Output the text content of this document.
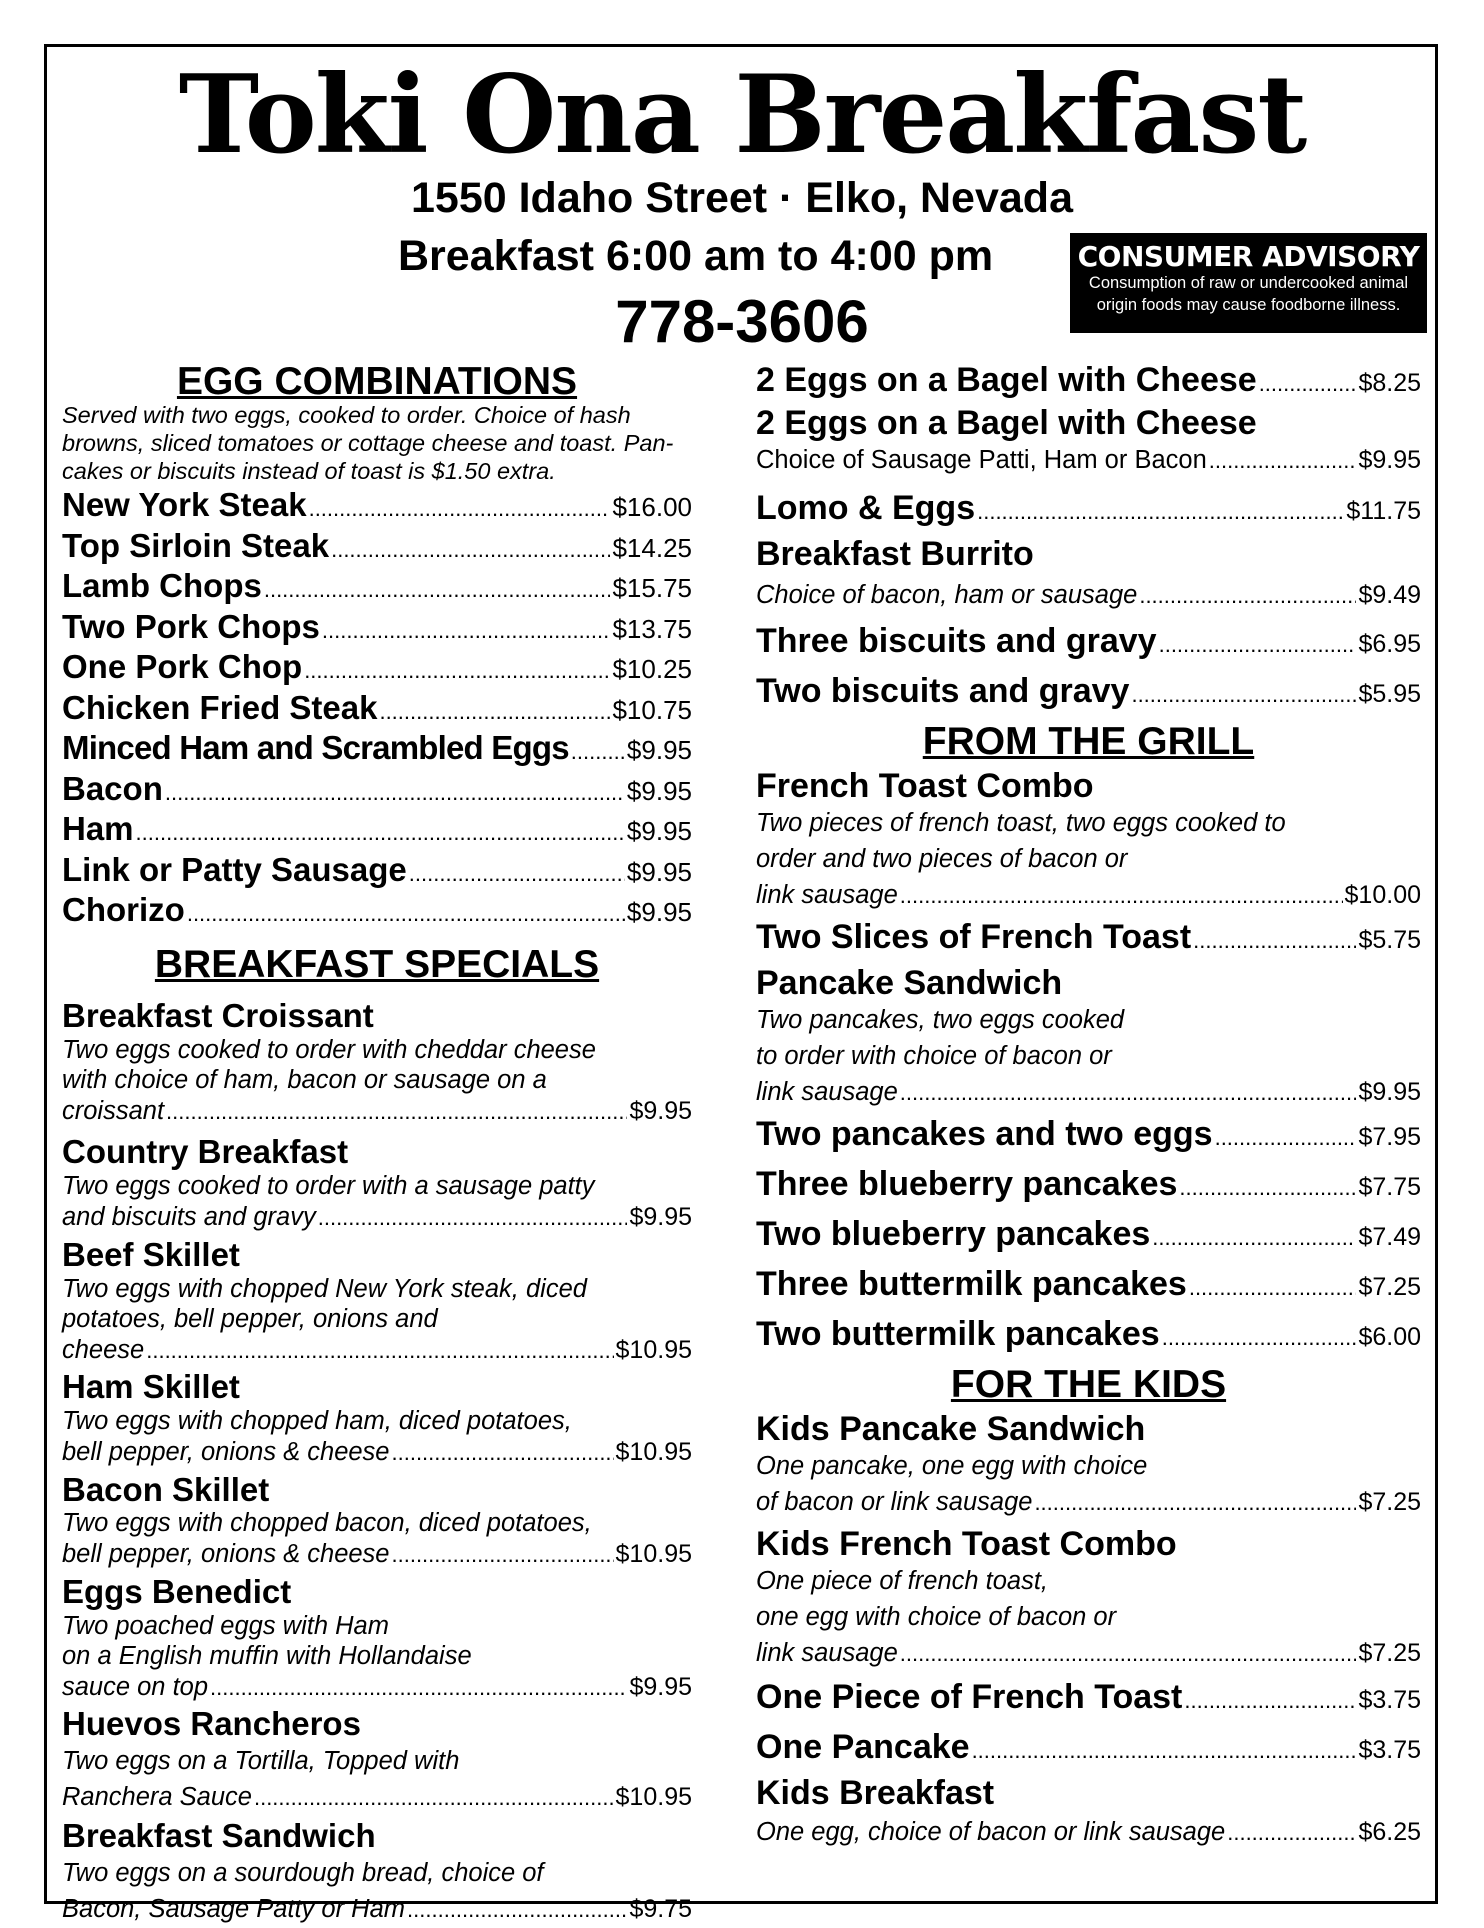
Toki Ona Breakfast
1550 Idaho Street · Elko, Nevada
Breakfast 6:00 am to 4:00 pm
778-3606
CONSUMER ADVISORY
Consumption of raw or undercooked animal
origin foods may cause foodborne illness.
EGG COMBINATIONS
Served with two eggs, cooked to order. Choice of hash
browns, sliced tomatoes or cottage cheese and toast. Pan-
cakes or biscuits instead of toast is $1.50 extra.
New York Steak .....	$16.00
Top Sirloin Steak .....	$14.25
Lamb Chops .....	$15.75
Two Pork Chops .....	$13.75
One Pork Chop .....	$10.25
Chicken Fried Steak .....	$10.75
Minced Ham and Scrambled Eggs ..... $9.95
Bacon .....	$9.95
Ham .....	$9.95
Link or Patty Sausage .....	$9.95
Chorizo .....	$9.95
BREAKFAST SPECIALS
Breakfast Croissant
Two eggs cooked to order with cheddar cheese
with choice of ham, bacon or sausage on a
croissant .....	$9.95
Country Breakfast
Two eggs cooked to order with a sausage patty
and biscuits and gravy .....	$9.95
Beef Skillet
Two eggs with chopped New York steak, diced
potatoes, bell pepper, onions and
cheese .....	$10.95
Ham Skillet
Two eggs with chopped ham, diced potatoes,
bell pepper, onions & cheese .....	$10.95
Bacon Skillet
Two eggs with chopped bacon, diced potatoes,
bell pepper, onions & cheese .....	$10.95
Eggs Benedict
Two poached eggs with Ham
on a English muffin with Hollandaise
sauce on top .....	$9.95
Huevos Rancheros
Two eggs on a Tortilla, Topped with
Ranchera Sauce .....	$10.95
Breakfast Sandwich
Two eggs on a sourdough bread, choice of
Bacon, Sausage Patty or Ham .....	$9.75
2 Eggs on a Bagel with Cheese .....	$8.25
2 Eggs on a Bagel with Cheese
Choice of Sausage Patti, Ham or Bacon .....	$9.95
Lomo & Eggs .....	$11.75
Breakfast Burrito
Choice of bacon, ham or sausage .....	$9.49
Three biscuits and gravy .....	$6.95
Two biscuits and gravy .....	$5.95
FROM THE GRILL
French Toast Combo
Two pieces of french toast, two eggs cooked to
order and two pieces of bacon or
link sausage .....	$10.00
Two Slices of French Toast .....	$5.75
Pancake Sandwich
Two pancakes, two eggs cooked
to order with choice of bacon or
link sausage .....	$9.95
Two pancakes and two eggs .....	$7.95
Three blueberry pancakes .....	$7.75
Two blueberry pancakes .....	$7.49
Three buttermilk pancakes .....	$7.25
Two buttermilk pancakes .....	$6.00
FOR THE KIDS
Kids Pancake Sandwich
One pancake, one egg with choice
of bacon or link sausage .....	$7.25
Kids French Toast Combo
One piece of french toast,
one egg with choice of bacon or
link sausage .....	$7.25
One Piece of French Toast .....	$3.75
One Pancake .....	$3.75
Kids Breakfast
One egg, choice of bacon or link sausage .....	$6.25
